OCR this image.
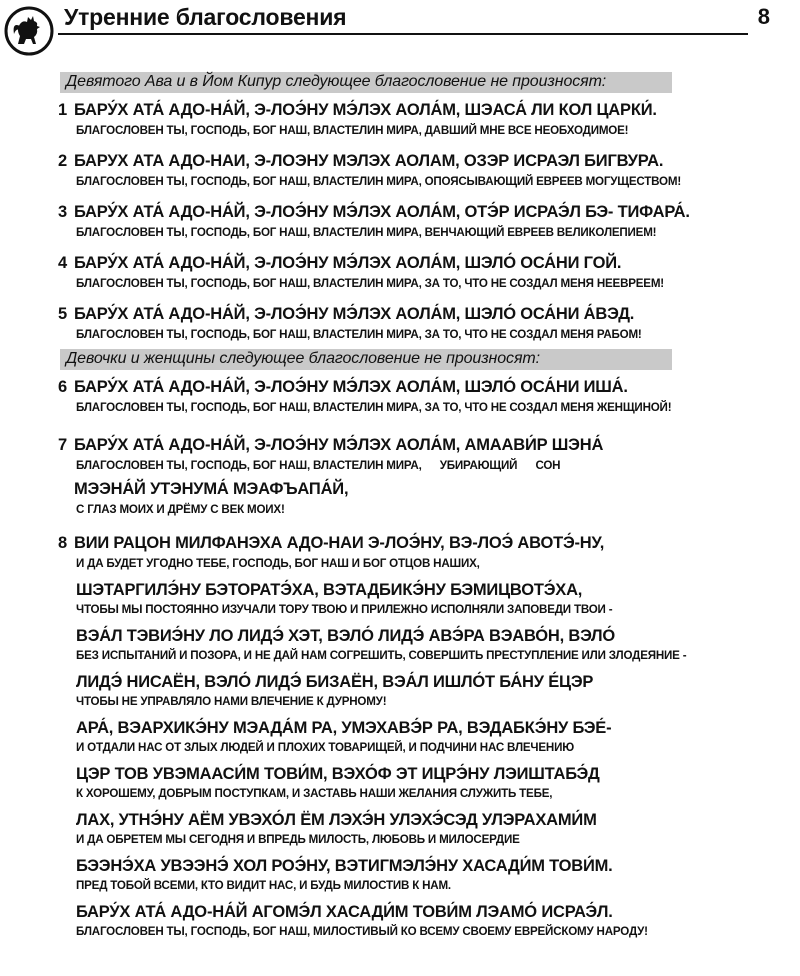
Утренние благословения	8
Девятого Ава и в Йом Кипур следующее благословение не произносят:
1 БАРУ́Х АТА́ АДО-НА́Й, Э-ЛОЭ́НУ МЭ́ЛЭХ АОЛА́М, ШЭАСА́ ЛИ КОЛ ЦАРКИ́.
БЛАГОСЛОВЕН ТЫ, ГОСПОДЬ, БОГ НАШ, ВЛАСТЕЛИН МИРА, ДАВШИЙ МНЕ ВСЕ НЕОБХОДИМОЕ!
2 БАРУХ АТА АДО-НАИ, Э-ЛОЭНУ МЭЛЭХ АОЛАМ, ОЗЭР ИСРАЭЛ БИГВУРА.
БЛАГОСЛОВЕН ТЫ, ГОСПОДЬ, БОГ НАШ, ВЛАСТЕЛИН МИРА, ОПОЯСЫВАЮЩИЙ ЕВРЕЕВ МОГУЩЕСТВОМ!
3 БАРУ́Х АТА́ АДО-НА́Й, Э-ЛОЭ́НУ МЭ́ЛЭХ АОЛА́М, ОТЭ́Р ИСРАЭ́Л БЭ- ТИФАРА́.
БЛАГОСЛОВЕН ТЫ, ГОСПОДЬ, БОГ НАШ, ВЛАСТЕЛИН МИРА, ВЕНЧАЮЩИЙ ЕВРЕЕВ ВЕЛИКОЛЕПИЕМ!
4 БАРУ́Х АТА́ АДО-НА́Й, Э-ЛОЭ́НУ МЭ́ЛЭХ АОЛА́М, ШЭЛО́ ОСА́НИ ГОЙ.
БЛАГОСЛОВЕН ТЫ, ГОСПОДЬ, БОГ НАШ, ВЛАСТЕЛИН МИРА, ЗА ТО, ЧТО НЕ СОЗДАЛ МЕНЯ НЕЕВРЕЕМ!
5 БАРУ́Х АТА́ АДО-НА́Й, Э-ЛОЭ́НУ МЭ́ЛЭХ АОЛА́М, ШЭЛО́ ОСА́НИ А́ВЭД.
БЛАГОСЛОВЕН ТЫ, ГОСПОДЬ, БОГ НАШ, ВЛАСТЕЛИН МИРА, ЗА ТО, ЧТО НЕ СОЗДАЛ МЕНЯ РАБОМ!
Девочки и женщины следующее благословение не произносят:
6 БАРУ́Х АТА́ АДО-НА́Й, Э-ЛОЭ́НУ МЭ́ЛЭХ АОЛА́М, ШЭЛО́ ОСА́НИ ИША́.
БЛАГОСЛОВЕН ТЫ, ГОСПОДЬ, БОГ НАШ, ВЛАСТЕЛИН МИРА, ЗА ТО, ЧТО НЕ СОЗДАЛ МЕНЯ ЖЕНЩИНОЙ!
7 БАРУ́Х АТА́ АДО-НА́Й, Э-ЛОЭ́НУ МЭ́ЛЭХ АОЛА́М, АМААВИ́Р ШЭНА́
БЛАГОСЛОВЕН ТЫ, ГОСПОДЬ, БОГ НАШ, ВЛАСТЕЛИН МИРА,      УБИРАЮЩИЙ      СОН
МЭЭНА́Й УТЭНУМА́ МЭАФЪАПА́Й,
С ГЛАЗ МОИХ И ДРЁМУ С ВЕК МОИХ!
8 ВИИ РАЦОН МИЛФАНЭХА АДО-НАИ Э-ЛОЭ́НУ, ВЭ-ЛОЭ́ АВОТЭ́-НУ,
И ДА БУДЕТ УГОДНО ТЕБЕ, ГОСПОДЬ, БОГ НАШ И БОГ ОТЦОВ НАШИХ,
ШЭТАРГИЛЭ́НУ БЭТОРАТЭ́ХА, ВЭТАДБИКЭ́НУ БЭМИЦВОТЭ́ХА,
ЧТОБЫ МЫ ПОСТОЯННО ИЗУЧАЛИ ТОРУ ТВОЮ И ПРИЛЕЖНО ИСПОЛНЯЛИ ЗАПОВЕДИ ТВОИ -
ВЭА́Л ТЭВИЭ́НУ ЛО ЛИДЭ́ ХЭТ, ВЭЛО́ ЛИДЭ́ АВЭ́РА ВЭАВО́Н, ВЭЛО́
БЕЗ ИСПЫТАНИЙ И ПОЗОРА, И НЕ ДАЙ НАМ СОГРЕШИТЬ, СОВЕРШИТЬ ПРЕСТУПЛЕНИЕ ИЛИ ЗЛОДЕЯНИЕ -
ЛИДЭ́ НИСАЁН, ВЭЛО́ ЛИДЭ́ БИЗАЁН, ВЭА́Л ИШЛО́Т БА́НУ Е́ЦЭР
ЧТОБЫ НЕ УПРАВЛЯЛО НАМИ ВЛЕЧЕНИЕ К ДУРНОМУ!
АРА́, ВЭАРХИКЭ́НУ МЭАДА́М РА, УМЭХАВЭ́Р РА, ВЭДАБКЭ́НУ БЭЕ́-
И ОТДАЛИ НАС ОТ ЗЛЫХ ЛЮДЕЙ И ПЛОХИХ ТОВАРИЩЕЙ, И ПОДЧИНИ НАС ВЛЕЧЕНИЮ
ЦЭР ТОВ УВЭМААСИ́М ТОВИ́М, ВЭХО́Ф ЭТ ИЦРЭ́НУ ЛЭИШТАБЭ́Д
К ХОРОШЕМУ, ДОБРЫМ ПОСТУПКАМ, И ЗАСТАВЬ НАШИ ЖЕЛАНИЯ СЛУЖИТЬ ТЕБЕ,
ЛАХ, УТНЭ́НУ АЁМ УВЭХО́Л ЁМ ЛЭХЭ́Н УЛЭХЭ́СЭД УЛЭРАХАМИ́М
И ДА ОБРЕТЕМ МЫ СЕГОДНЯ И ВПРЕДЬ МИЛОСТЬ, ЛЮБОВЬ И МИЛОСЕРДИЕ
БЭЭНЭ́ХА УВЭЭНЭ́ ХОЛ РОЭ́НУ, ВЭТИГМЭЛЭ́НУ ХАСАДИ́М ТОВИ́М.
ПРЕД ТОБОЙ ВСЕМИ, КТО ВИДИТ НАС, И БУДЬ МИЛОСТИВ К НАМ.
БАРУ́Х АТА́ АДО-НА́Й АГОМЭ́Л ХАСАДИ́М ТОВИ́М ЛЭАМО́ ИСРАЭ́Л.
БЛАГОСЛОВЕН ТЫ, ГОСПОДЬ, БОГ НАШ, МИЛОСТИВЫЙ КО ВСЕМУ СВОЕМУ ЕВРЕЙСКОМУ НАРОДУ!
